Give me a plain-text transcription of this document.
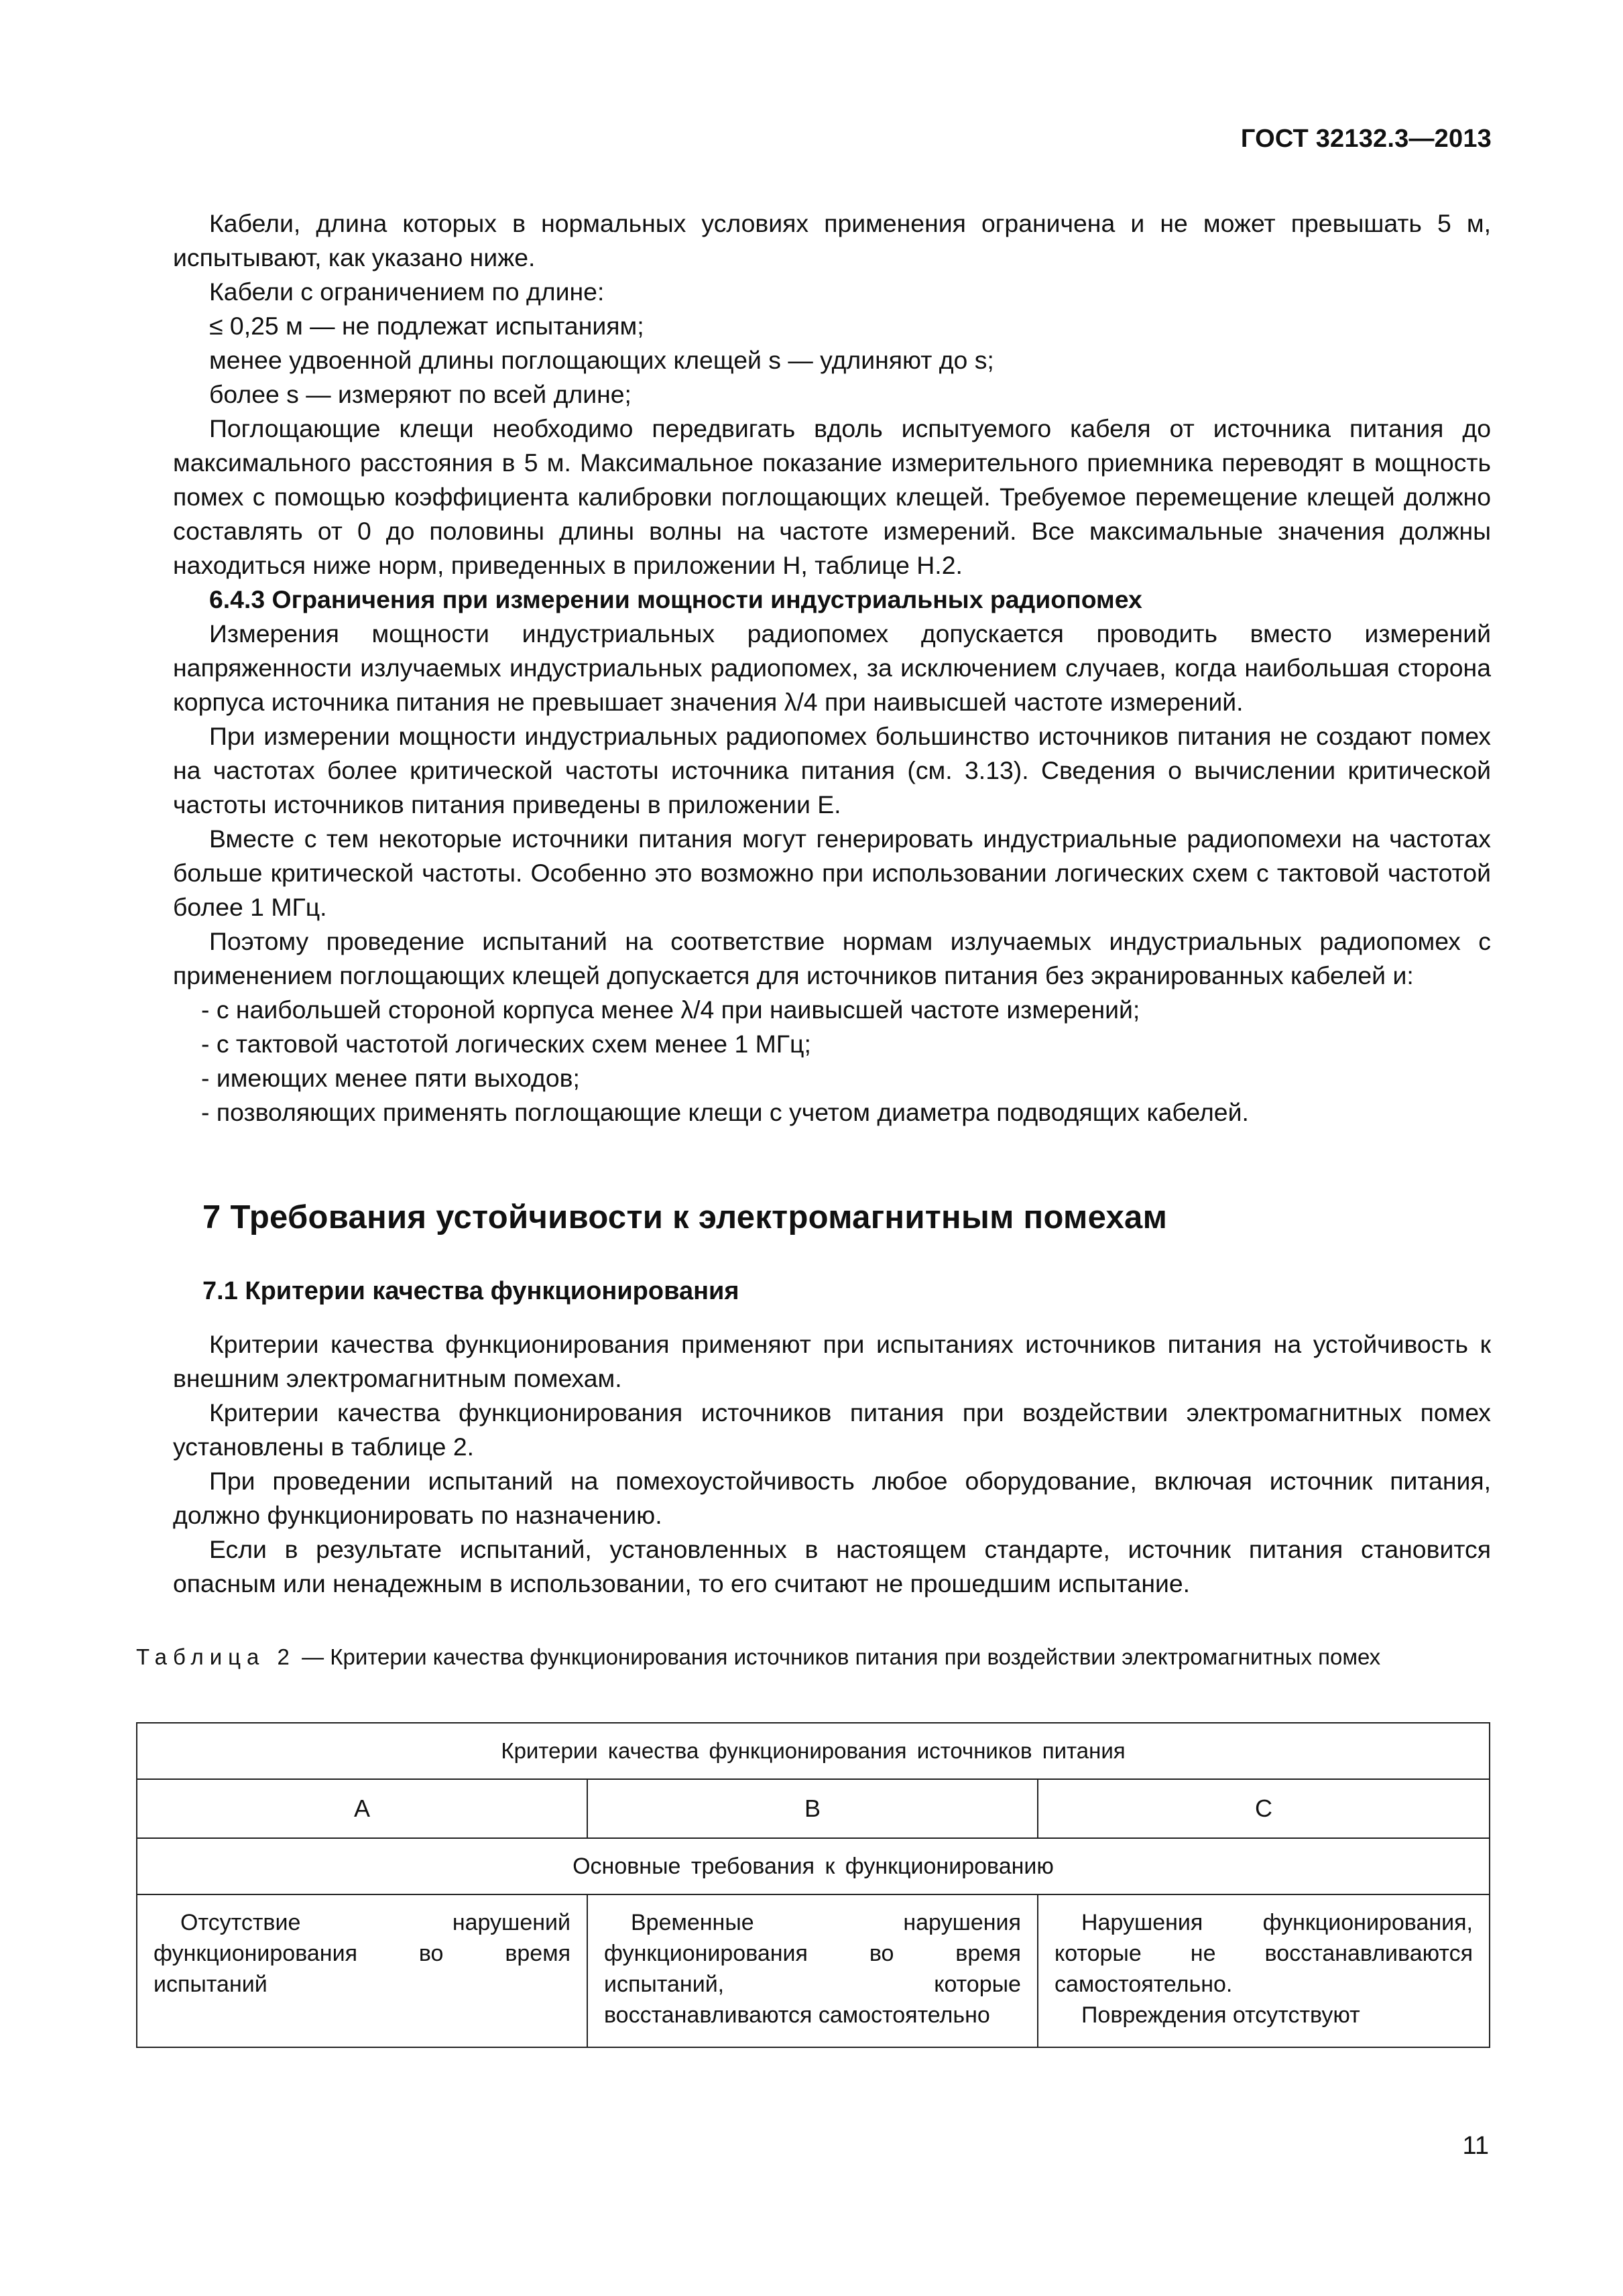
ГОСТ 32132.3—2013

Кабели, длина которых в нормальных условиях применения ограничена и не может превышать 5 м, испытывают, как указано ниже.

Кабели с ограничением по длине:

≤ 0,25 м — не подлежат испытаниям;

менее удвоенной длины поглощающих клещей s — удлиняют до s;

более s — измеряют по всей длине;

Поглощающие клещи необходимо передвигать вдоль испытуемого кабеля от источника питания до максимального расстояния в 5 м. Максимальное показание измерительного приемника переводят в мощность помех с помощью коэффициента калибровки поглощающих клещей. Требуемое перемещение клещей должно составлять от 0 до половины длины волны на частоте измерений. Все максимальные значения должны находиться ниже норм, приведенных в приложении Н, таблице Н.2.

6.4.3 Ограничения при измерении мощности индустриальных радиопомех

Измерения мощности индустриальных радиопомех допускается проводить вместо измерений напряженности излучаемых индустриальных радиопомех, за исключением случаев, когда наибольшая сторона корпуса источника питания не превышает значения λ/4 при наивысшей частоте измерений.

При измерении мощности индустриальных радиопомех большинство источников питания не создают помех на частотах более критической частоты источника питания (см. 3.13). Сведения о вычислении критической частоты источников питания приведены в приложении Е.

Вместе с тем некоторые источники питания могут генерировать индустриальные радиопомехи на частотах больше критической частоты. Особенно это возможно при использовании логических схем с тактовой частотой более 1 МГц.

Поэтому проведение испытаний на соответствие нормам излучаемых индустриальных радиопомех с применением поглощающих клещей допускается для источников питания без экранированных кабелей и:

- с наибольшей стороной корпуса менее λ/4 при наивысшей частоте измерений;

- с тактовой частотой логических схем менее 1 МГц;

- имеющих менее пяти выходов;

- позволяющих применять поглощающие клещи с учетом диаметра подводящих кабелей.

7 Требования устойчивости к электромагнитным помехам
7.1 Критерии качества функционирования

Критерии качества функционирования применяют при испытаниях источников питания на устойчивость к внешним электромагнитным помехам.

Критерии качества функционирования источников питания при воздействии электромагнитных помех установлены в таблице 2.

При проведении испытаний на помехоустойчивость любое оборудование, включая источник питания, должно функционировать по назначению.

Если в результате испытаний, установленных в настоящем стандарте, источник питания становится опасным или ненадежным в использовании, то его считают не прошедшим испытание.

Таблица 2 — Критерии качества функционирования источников питания при воздействии электромагнитных помех
Критерии качества функционирования источников питания		
A	B	C
Основные требования к функционированию		

Отсутствие нарушений функционирования во время испытаний	Временные нарушения функционирования во время испытаний, которые восстанавливаются самостоятельно	Нарушения функционирования, которые не восстанавливаются самостоятельно.
Повреждения отсутствуют
11
